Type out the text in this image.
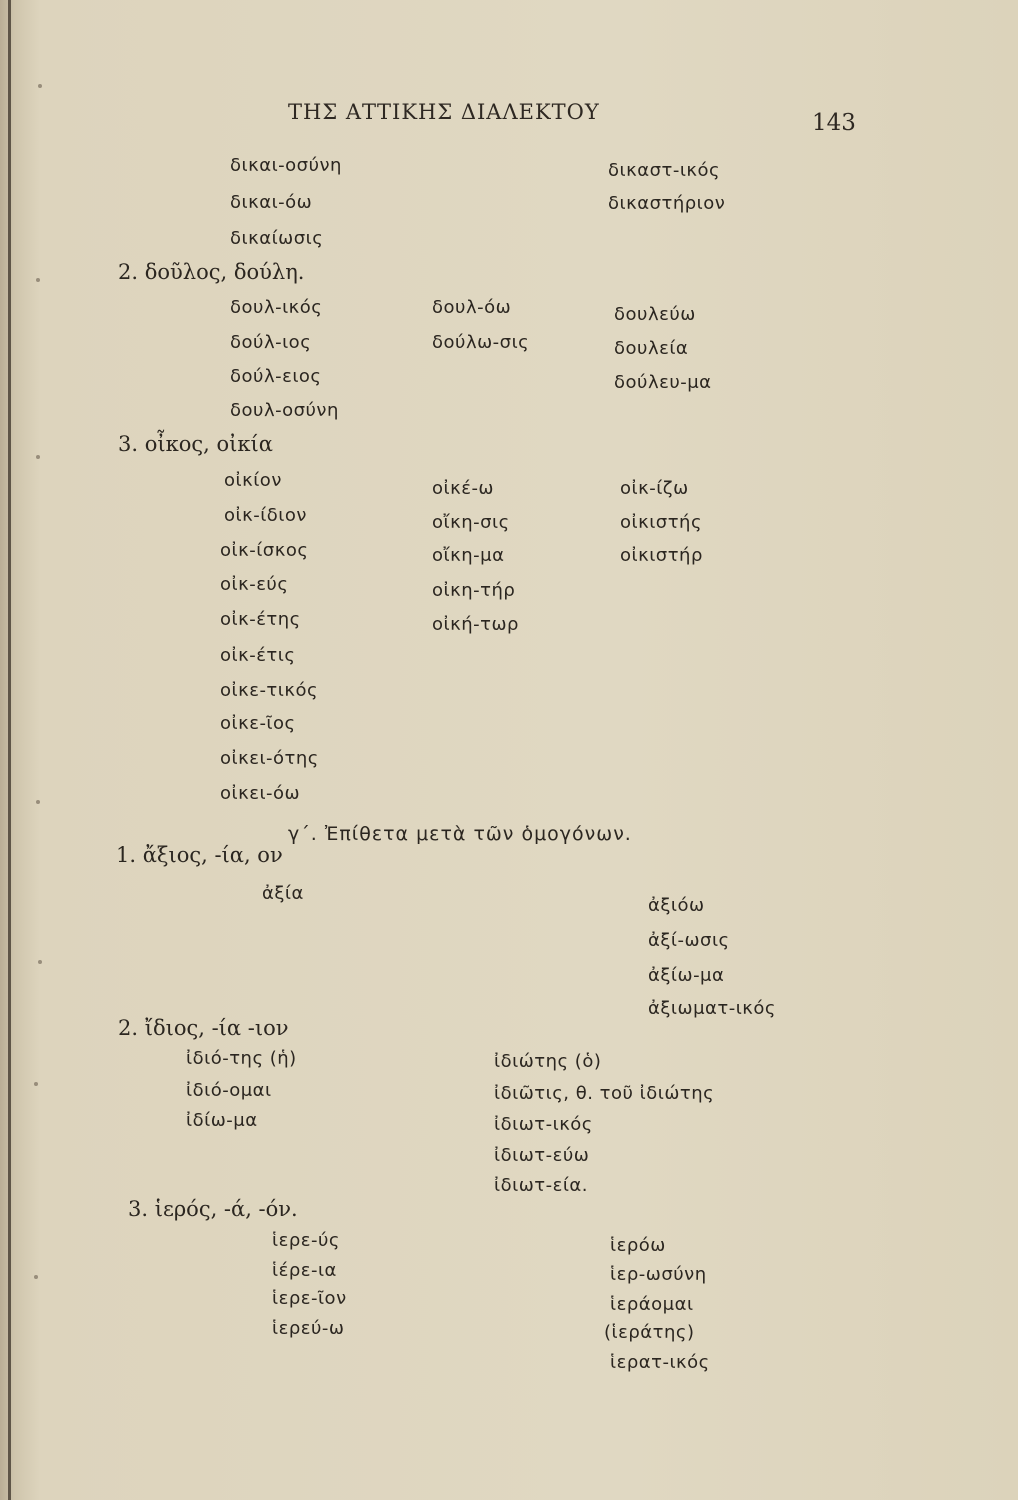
ΤΗΣ ΑΤΤΙΚΗΣ ΔΙΑΛΕΚΤΟΥ	143
δικαι-οσύνη
δικαι-όω
δικαίωσις
δικαστ-ικός
δικαστήριον
2. δοῦλος, δούλη.
δουλ-ικός
δούλ-ιος
δούλ-ειος
δουλ-οσύνη
δουλ-όω
δούλω-σις
δουλεύω
δουλεία
δούλευ-μα
3. οἶκος, οἰκία
οἰκίον
οἰκ-ίδιον
οἰκ-ίσκος
οἰκ-εύς
οἰκ-έτης
οἰκ-έτις
οἰκε-τικός
οἰκε-ῖος
οἰκει-ότης
οἰκει-όω
οἰκέ-ω
οἴκη-σις
οἴκη-μα
οἰκη-τήρ
οἰκή-τωρ
οἰκ-ίζω
οἰκιστής
οἰκιστήρ
γ΄. Ἐπίθετα μετὰ τῶν ὁμογόνων.
1. ἄξιος, -ία, ον
ἀξία
ἀξιόω
ἀξί-ωσις
ἀξίω-μα
ἀξιωματ-ικός
2. ἴδιος, -ία -ιον
ἰδιό-της (ἡ)
ἰδιό-ομαι
ἰδίω-μα
ἰδιώτης (ὁ)
ἰδιῶτις, θ. τοῦ ἰδιώτης
ἰδιωτ-ικός
ἰδιωτ-εύω
ἰδιωτ-εία.
3. ἱερός, -ά, -όν.
ἱερε-ύς
ἱέρε-ια
ἱερε-ῖον
ἱερεύ-ω
ἱερόω
ἱερ-ωσύνη
ἱεράομαι
(ἱεράτης)
ἱερατ-ικός
